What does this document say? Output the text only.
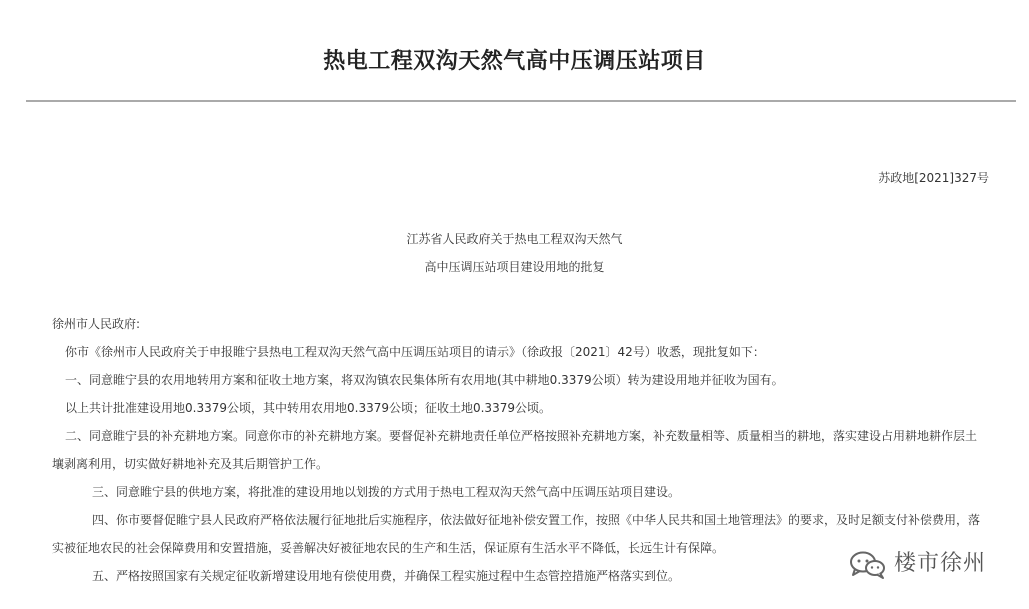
热电工程双沟天然气高中压调压站项目
苏政地[2021]327号
江苏省人民政府关于热电工程双沟天然气
高中压调压站项目建设用地的批复
徐州市人民政府:
你市《徐州市人民政府关于申报睢宁县热电工程双沟天然气高中压调压站项目的请示》（徐政报〔2021〕42号）收悉，现批复如下：
一、同意睢宁县的农用地转用方案和征收土地方案，将双沟镇农民集体所有农用地(其中耕地0.3379公顷）转为建设用地并征收为国有。
以上共计批准建设用地0.3379公顷，其中转用农用地0.3379公顷；征收土地0.3379公顷。
二、同意睢宁县的补充耕地方案。同意你市的补充耕地方案。要督促补充耕地责任单位严格按照补充耕地方案，补充数量相等、质量相当的耕地，落实建设占用耕地耕作层土
壤剥离利用，切实做好耕地补充及其后期管护工作。
三、同意睢宁县的供地方案，将批准的建设用地以划拨的方式用于热电工程双沟天然气高中压调压站项目建设。
四、你市要督促睢宁县人民政府严格依法履行征地批后实施程序，依法做好征地补偿安置工作，按照《中华人民共和国土地管理法》的要求，及时足额支付补偿费用，落
实被征地农民的社会保障费用和安置措施，妥善解决好被征地农民的生产和生活，保证原有生活水平不降低，长远生计有保障。
五、严格按照国家有关规定征收新增建设用地有偿使用费，并确保工程实施过程中生态管控措施严格落实到位。	楼市徐州
